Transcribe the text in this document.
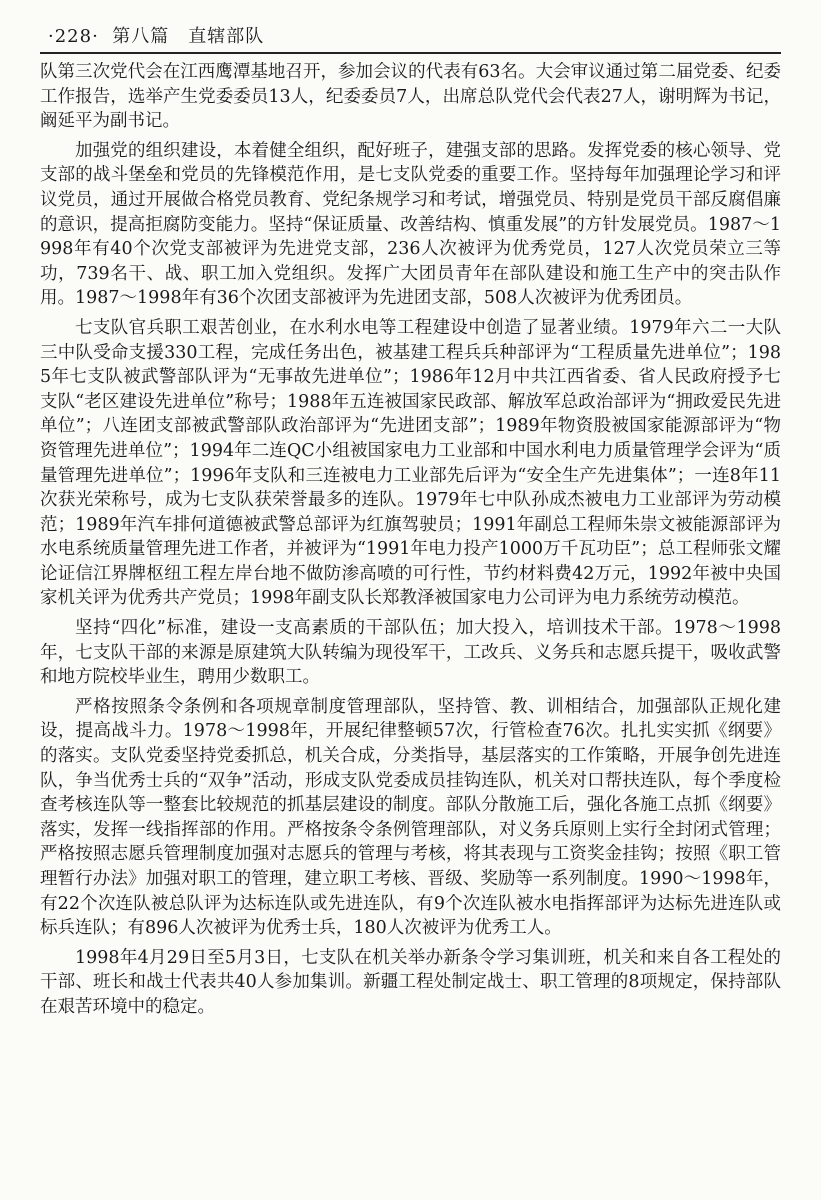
·228· 第八篇　直辖部队

队第三次党代会在江西鹰潭基地召开，参加会议的代表有63名。大会审议通过第二届党委、纪委工作报告，选举产生党委委员13人，纪委委员7人，出席总队党代会代表27人，谢明辉为书记，阚延平为副书记。

加强党的组织建设，本着健全组织，配好班子，建强支部的思路。发挥党委的核心领导、党支部的战斗堡垒和党员的先锋模范作用，是七支队党委的重要工作。坚持每年加强理论学习和评议党员，通过开展做合格党员教育、党纪条规学习和考试，增强党员、特别是党员干部反腐倡廉的意识，提高拒腐防变能力。坚持“保证质量、改善结构、慎重发展”的方针发展党员。1987～1998年有40个次党支部被评为先进党支部，236人次被评为优秀党员，127人次党员荣立三等功，739名干、战、职工加入党组织。发挥广大团员青年在部队建设和施工生产中的突击队作用。1987～1998年有36个次团支部被评为先进团支部，508人次被评为优秀团员。

七支队官兵职工艰苦创业，在水利水电等工程建设中创造了显著业绩。1979年六二一大队三中队受命支援330工程，完成任务出色，被基建工程兵兵种部评为“工程质量先进单位”；1985年七支队被武警部队评为“无事故先进单位”；1986年12月中共江西省委、省人民政府授予七支队“老区建设先进单位”称号；1988年五连被国家民政部、解放军总政治部评为“拥政爱民先进单位”；八连团支部被武警部队政治部评为“先进团支部”；1989年物资股被国家能源部评为“物资管理先进单位”；1994年二连QC小组被国家电力工业部和中国水利电力质量管理学会评为“质量管理先进单位”；1996年支队和三连被电力工业部先后评为“安全生产先进集体”；一连8年11次获光荣称号，成为七支队获荣誉最多的连队。1979年七中队孙成杰被电力工业部评为劳动模范；1989年汽车排何道德被武警总部评为红旗驾驶员；1991年副总工程师朱崇文被能源部评为水电系统质量管理先进工作者，并被评为“1991年电力投产1000万千瓦功臣”；总工程师张文耀论证信江界牌枢纽工程左岸台地不做防渗高喷的可行性，节约材料费42万元，1992年被中央国家机关评为优秀共产党员；1998年副支队长郑教泽被国家电力公司评为电力系统劳动模范。

坚持“四化”标准，建设一支高素质的干部队伍；加大投入，培训技术干部。1978～1998年，七支队干部的来源是原建筑大队转编为现役军干，工改兵、义务兵和志愿兵提干，吸收武警和地方院校毕业生，聘用少数职工。

严格按照条令条例和各项规章制度管理部队，坚持管、教、训相结合，加强部队正规化建设，提高战斗力。1978～1998年，开展纪律整顿57次，行管检查76次。扎扎实实抓《纲要》的落实。支队党委坚持党委抓总，机关合成，分类指导，基层落实的工作策略，开展争创先进连队，争当优秀士兵的“双争”活动，形成支队党委成员挂钩连队，机关对口帮扶连队，每个季度检查考核连队等一整套比较规范的抓基层建设的制度。部队分散施工后，强化各施工点抓《纲要》落实，发挥一线指挥部的作用。严格按条令条例管理部队，对义务兵原则上实行全封闭式管理；严格按照志愿兵管理制度加强对志愿兵的管理与考核，将其表现与工资奖金挂钩；按照《职工管理暂行办法》加强对职工的管理，建立职工考核、晋级、奖励等一系列制度。1990～1998年，有22个次连队被总队评为达标连队或先进连队，有9个次连队被水电指挥部评为达标先进连队或标兵连队；有896人次被评为优秀士兵，180人次被评为优秀工人。

1998年4月29日至5月3日，七支队在机关举办新条令学习集训班，机关和来自各工程处的干部、班长和战士代表共40人参加集训。新疆工程处制定战士、职工管理的8项规定，保持部队在艰苦环境中的稳定。
